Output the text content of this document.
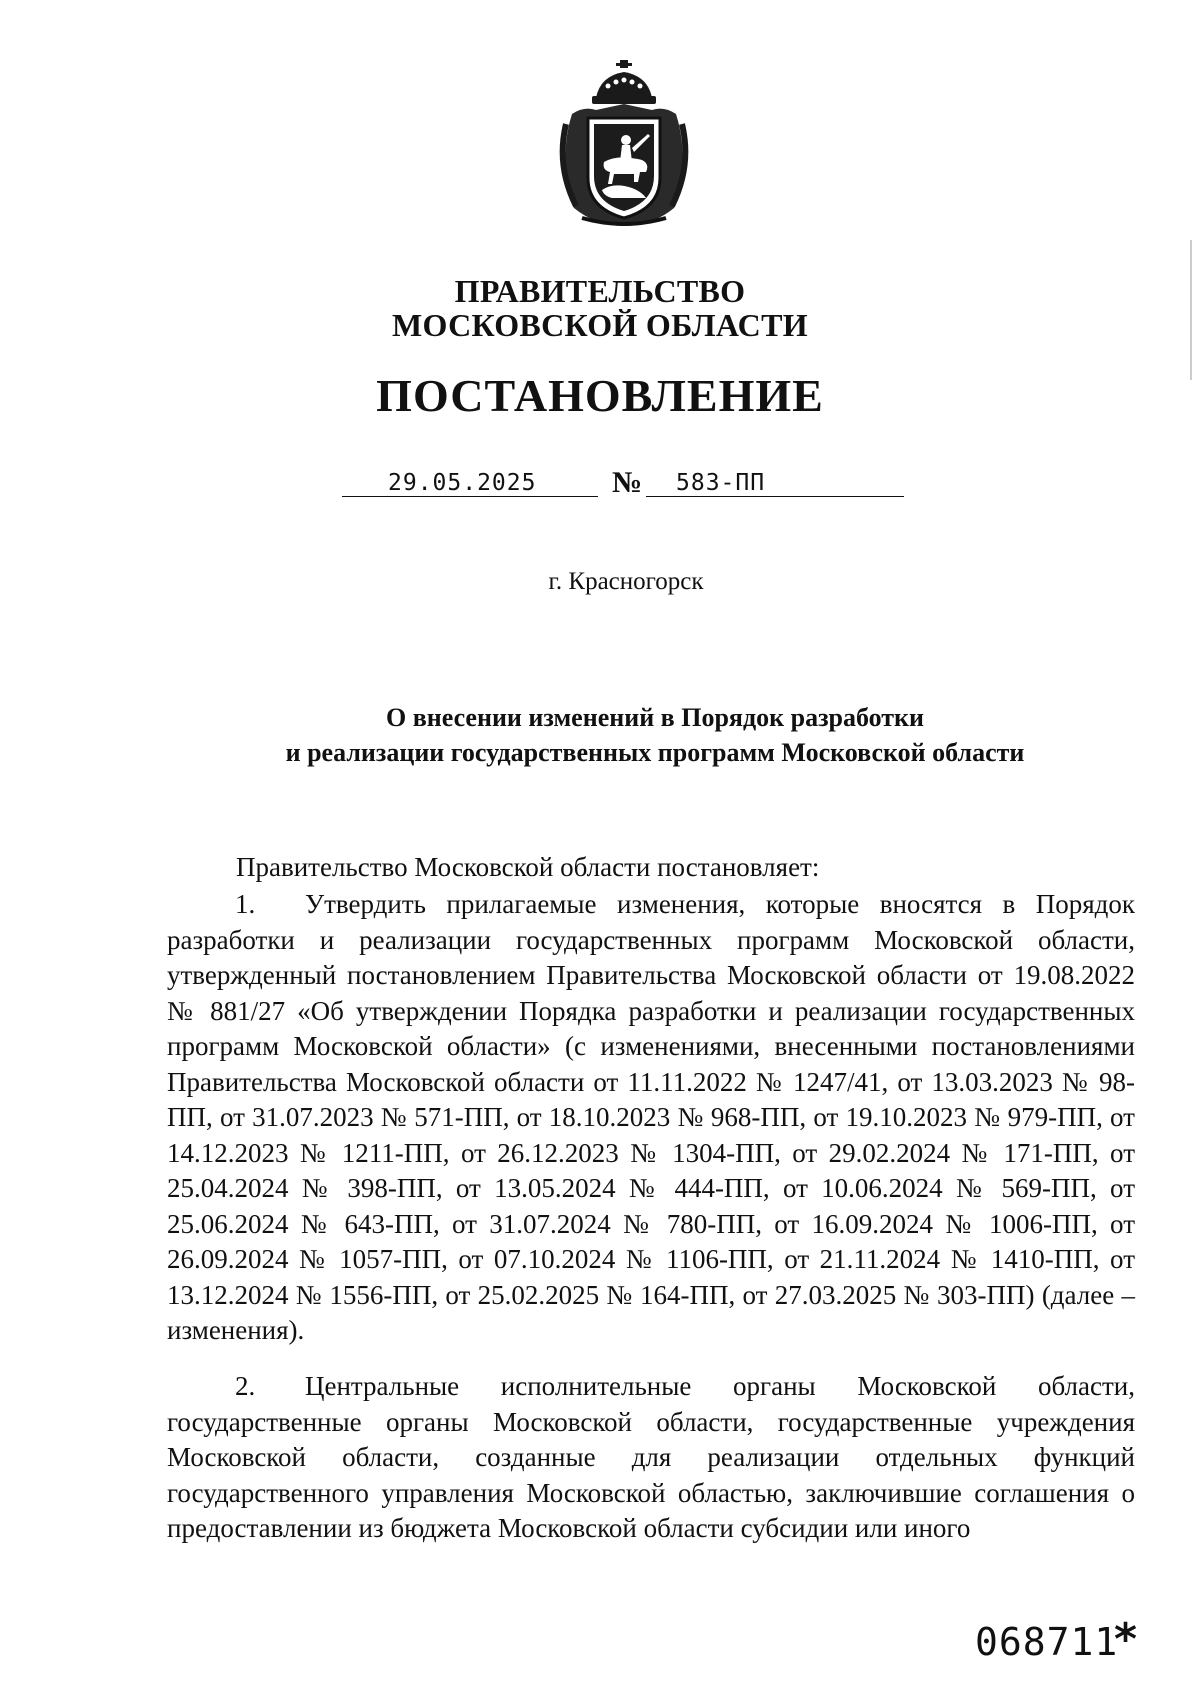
ПРАВИТЕЛЬСТВО
МОСКОВСКОЙ ОБЛАСТИ
ПОСТАНОВЛЕНИЕ
29.05.2025	№ 583-ПП
г. Красногорск
О внесении изменений в Порядок разработки
и реализации государственных программ Московской области
Правительство Московской области постановляет:

1. Утвердить прилагаемые изменения, которые вносятся в Порядок разработки и реализации государственных программ Московской области, утвержденный постановлением Правительства Московской области от 19.08.2022 № 881/27 «Об утверждении Порядка разработки и реализации государственных программ Московской области» (с изменениями, внесенными постановлениями Правительства Московской области от 11.11.2022 № 1247/41, от 13.03.2023 № 98-ПП, от 31.07.2023 № 571-ПП, от 18.10.2023 № 968-ПП, от 19.10.2023 № 979-ПП, от 14.12.2023 № 1211-ПП, от 26.12.2023 № 1304-ПП, от 29.02.2024 № 171-ПП, от 25.04.2024 № 398-ПП, от 13.05.2024 № 444-ПП, от 10.06.2024 № 569-ПП, от 25.06.2024 № 643-ПП, от 31.07.2024 № 780-ПП, от 16.09.2024 № 1006-ПП, от 26.09.2024 № 1057-ПП, от 07.10.2024 № 1106-ПП, от 21.11.2024 № 1410-ПП, от 13.12.2024 № 1556-ПП, от 25.02.2025 № 164-ПП, от 27.03.2025 № 303-ПП) (далее – изменения).

2. Центральные исполнительные органы Московской области, государственные органы Московской области, государственные учреждения Московской области, созданные для реализации отдельных функций государственного управления Московской областью, заключившие соглашения о предоставлении из бюджета Московской области субсидии или иного

068711
*
